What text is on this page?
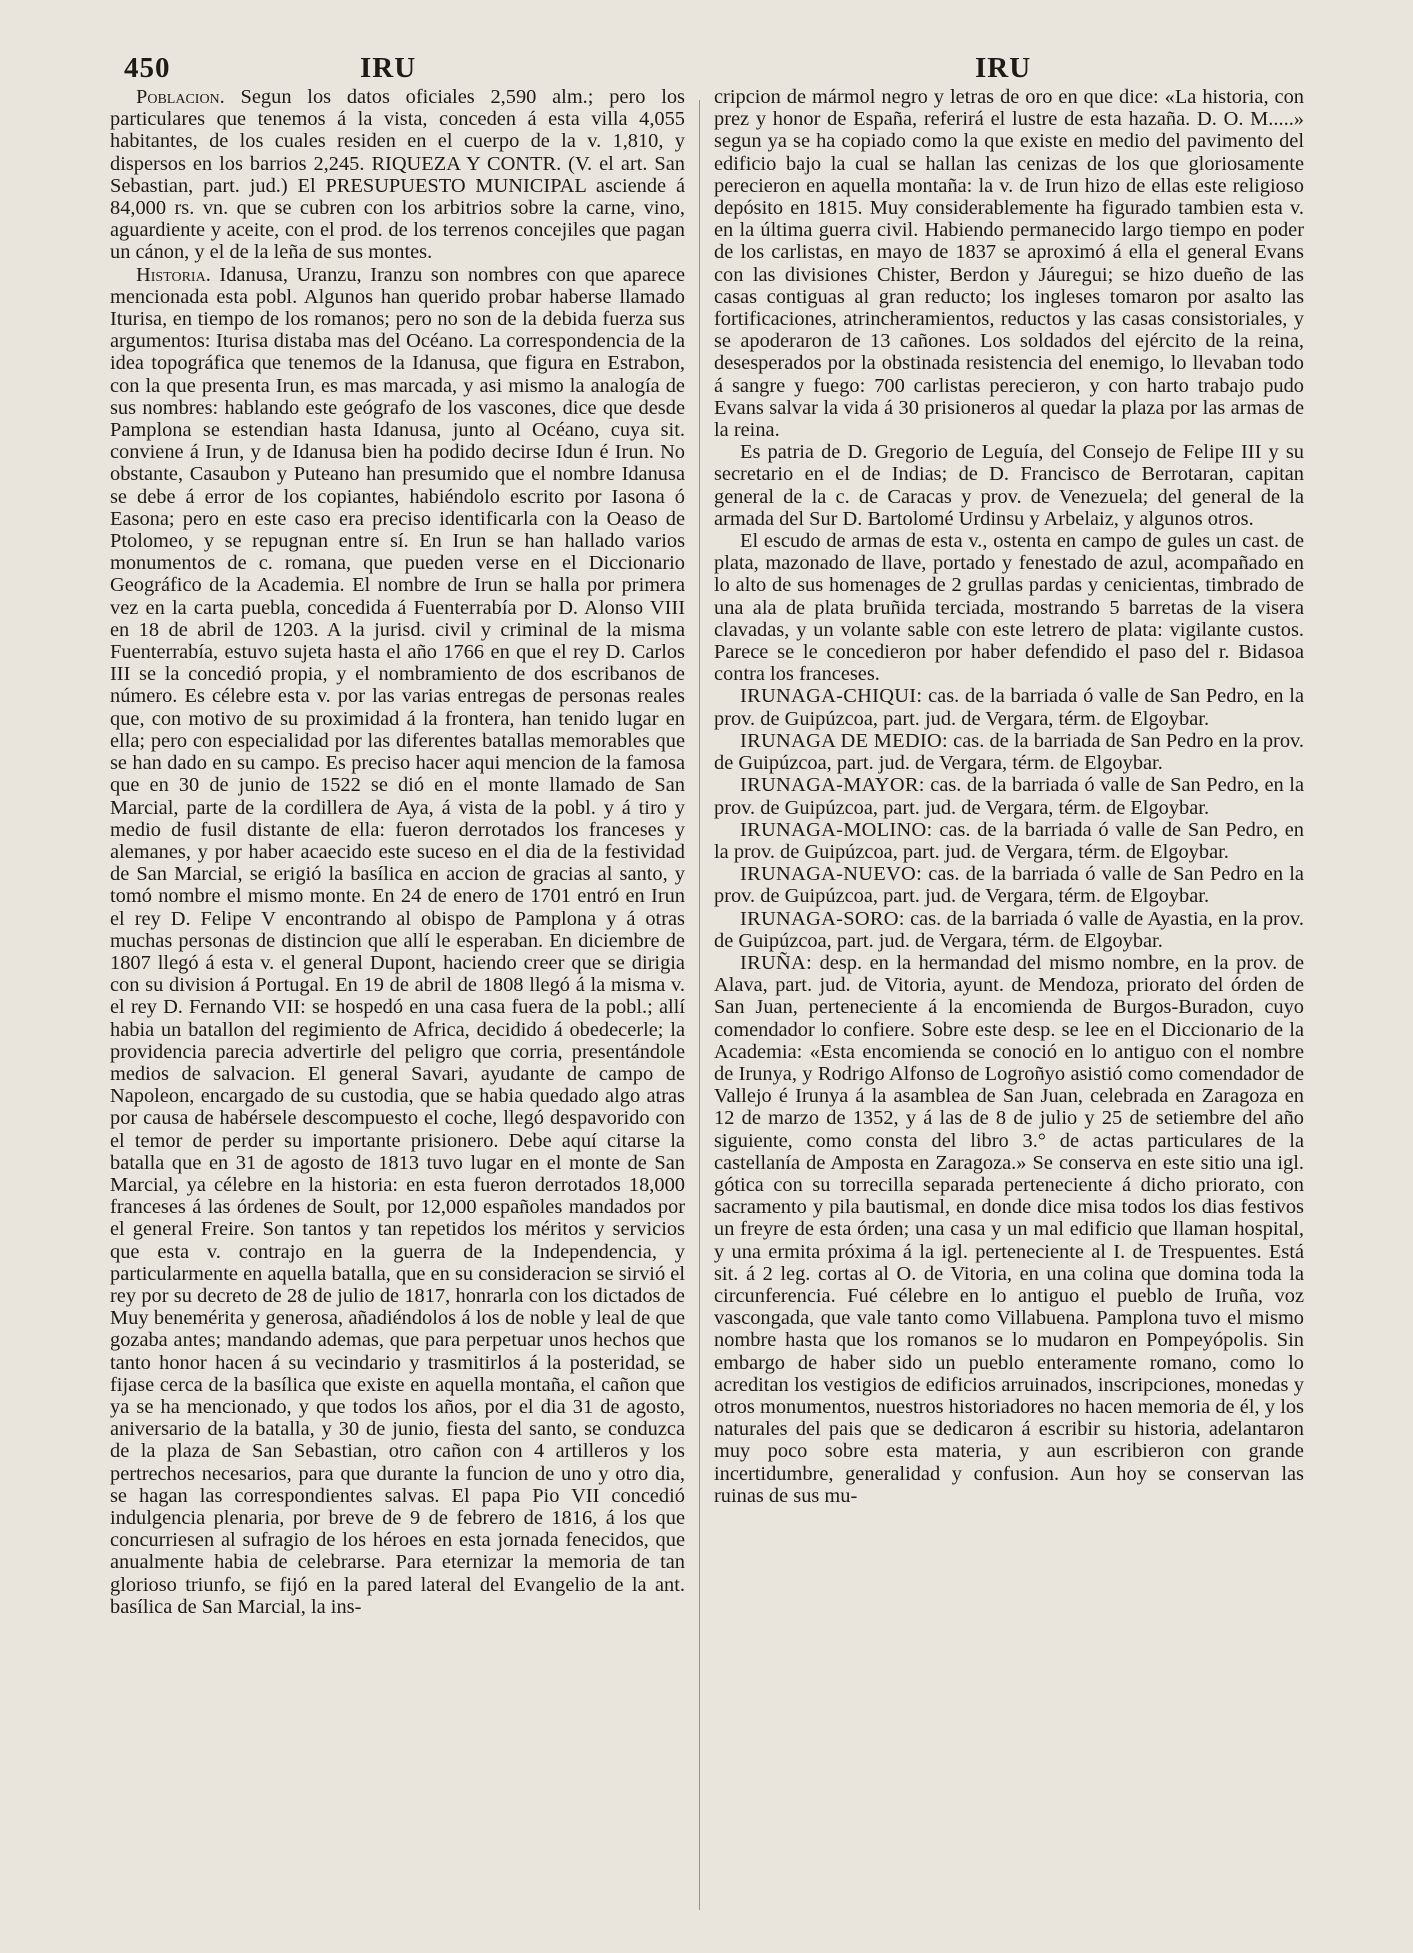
450	IRU	IRU

Poblacion. Segun los datos oficiales 2,590 alm.; pero los particulares que tenemos á la vista, conceden á esta villa 4,055 habitantes, de los cuales residen en el cuerpo de la v. 1,810, y dispersos en los barrios 2,245. RIQUEZA Y CONTR. (V. el art. San Sebastian, part. jud.) El PRESUPUESTO MUNICIPAL asciende á 84,000 rs. vn. que se cubren con los arbitrios sobre la carne, vino, aguardiente y aceite, con el prod. de los terrenos concejiles que pagan un cánon, y el de la leña de sus montes.

Historia. Idanusa, Uranzu, Iranzu son nombres con que aparece mencionada esta pobl. Algunos han querido probar haberse llamado Iturisa, en tiempo de los romanos; pero no son de la debida fuerza sus argumentos: Iturisa distaba mas del Océano. La correspondencia de la idea topográfica que tenemos de la Idanusa, que figura en Estrabon, con la que presenta Irun, es mas marcada, y asi mismo la analogía de sus nombres: hablando este geógrafo de los vascones, dice que desde Pamplona se estendian hasta Idanusa, junto al Océano, cuya sit. conviene á Irun, y de Idanusa bien ha podido decirse Idun é Irun. No obstante, Casaubon y Puteano han presumido que el nombre Idanusa se debe á error de los copiantes, habiéndolo escrito por Iasona ó Easona; pero en este caso era preciso identificarla con la Oeaso de Ptolomeo, y se repugnan entre sí. En Irun se han hallado varios monumentos de c. romana, que pueden verse en el Diccionario Geográfico de la Academia. El nombre de Irun se halla por primera vez en la carta puebla, concedida á Fuenterrabía por D. Alonso VIII en 18 de abril de 1203. A la jurisd. civil y criminal de la misma Fuenterrabía, estuvo sujeta hasta el año 1766 en que el rey D. Carlos III se la concedió propia, y el nombramiento de dos escribanos de número. Es célebre esta v. por las varias entregas de personas reales que, con motivo de su proximidad á la frontera, han tenido lugar en ella; pero con especialidad por las diferentes batallas memorables que se han dado en su campo. Es preciso hacer aqui mencion de la famosa que en 30 de junio de 1522 se dió en el monte llamado de San Marcial, parte de la cordillera de Aya, á vista de la pobl. y á tiro y medio de fusil distante de ella: fueron derrotados los franceses y alemanes, y por haber acaecido este suceso en el dia de la festividad de San Marcial, se erigió la basílica en accion de gracias al santo, y tomó nombre el mismo monte. En 24 de enero de 1701 entró en Irun el rey D. Felipe V encontrando al obispo de Pamplona y á otras muchas personas de distincion que allí le esperaban. En diciembre de 1807 llegó á esta v. el general Dupont, haciendo creer que se dirigia con su division á Portugal. En 19 de abril de 1808 llegó á la misma v. el rey D. Fernando VII: se hospedó en una casa fuera de la pobl.; allí habia un batallon del regimiento de Africa, decidido á obedecerle; la providencia parecia advertirle del peligro que corria, presentándole medios de salvacion. El general Savari, ayudante de campo de Napoleon, encargado de su custodia, que se habia quedado algo atras por causa de habérsele descompuesto el coche, llegó despavorido con el temor de perder su importante prisionero. Debe aquí citarse la batalla que en 31 de agosto de 1813 tuvo lugar en el monte de San Marcial, ya célebre en la historia: en esta fueron derrotados 18,000 franceses á las órdenes de Soult, por 12,000 españoles mandados por el general Freire. Son tantos y tan repetidos los méritos y servicios que esta v. contrajo en la guerra de la Independencia, y particularmente en aquella batalla, que en su consideracion se sirvió el rey por su decreto de 28 de julio de 1817, honrarla con los dictados de Muy benemérita y generosa, añadiéndolos á los de noble y leal de que gozaba antes; mandando ademas, que para perpetuar unos hechos que tanto honor hacen á su vecindario y trasmitirlos á la posteridad, se fijase cerca de la basílica que existe en aquella montaña, el cañon que ya se ha mencionado, y que todos los años, por el dia 31 de agosto, aniversario de la batalla, y 30 de junio, fiesta del santo, se conduzca de la plaza de San Sebastian, otro cañon con 4 artilleros y los pertrechos necesarios, para que durante la funcion de uno y otro dia, se hagan las correspondientes salvas. El papa Pio VII concedió indulgencia plenaria, por breve de 9 de febrero de 1816, á los que concurriesen al sufragio de los héroes en esta jornada fenecidos, que anualmente habia de celebrarse. Para eternizar la memoria de tan glorioso triunfo, se fijó en la pared lateral del Evangelio de la ant. basílica de San Marcial, la ins-

cripcion de mármol negro y letras de oro en que dice: «La historia, con prez y honor de España, referirá el lustre de esta hazaña. D. O. M.....» segun ya se ha copiado como la que existe en medio del pavimento del edificio bajo la cual se hallan las cenizas de los que gloriosamente perecieron en aquella montaña: la v. de Irun hizo de ellas este religioso depósito en 1815. Muy considerablemente ha figurado tambien esta v. en la última guerra civil. Habiendo permanecido largo tiempo en poder de los carlistas, en mayo de 1837 se aproximó á ella el general Evans con las divisiones Chister, Berdon y Jáuregui; se hizo dueño de las casas contiguas al gran reducto; los ingleses tomaron por asalto las fortificaciones, atrincheramientos, reductos y las casas consistoriales, y se apoderaron de 13 cañones. Los soldados del ejército de la reina, desesperados por la obstinada resistencia del enemigo, lo llevaban todo á sangre y fuego: 700 carlistas perecieron, y con harto trabajo pudo Evans salvar la vida á 30 prisioneros al quedar la plaza por las armas de la reina.

Es patria de D. Gregorio de Leguía, del Consejo de Felipe III y su secretario en el de Indias; de D. Francisco de Berrotaran, capitan general de la c. de Caracas y prov. de Venezuela; del general de la armada del Sur D. Bartolomé Urdinsu y Arbelaiz, y algunos otros.

El escudo de armas de esta v., ostenta en campo de gules un cast. de plata, mazonado de llave, portado y fenestado de azul, acompañado en lo alto de sus homenages de 2 grullas pardas y cenicientas, timbrado de una ala de plata bruñida terciada, mostrando 5 barretas de la visera clavadas, y un volante sable con este letrero de plata: vigilante custos. Parece se le concedieron por haber defendido el paso del r. Bidasoa contra los franceses.

IRUNAGA-CHIQUI: cas. de la barriada ó valle de San Pedro, en la prov. de Guipúzcoa, part. jud. de Vergara, térm. de Elgoybar.

IRUNAGA DE MEDIO: cas. de la barriada de San Pedro en la prov. de Guipúzcoa, part. jud. de Vergara, térm. de Elgoybar.

IRUNAGA-MAYOR: cas. de la barriada ó valle de San Pedro, en la prov. de Guipúzcoa, part. jud. de Vergara, térm. de Elgoybar.

IRUNAGA-MOLINO: cas. de la barriada ó valle de San Pedro, en la prov. de Guipúzcoa, part. jud. de Vergara, térm. de Elgoybar.

IRUNAGA-NUEVO: cas. de la barriada ó valle de San Pedro en la prov. de Guipúzcoa, part. jud. de Vergara, térm. de Elgoybar.

IRUNAGA-SORO: cas. de la barriada ó valle de Ayastia, en la prov. de Guipúzcoa, part. jud. de Vergara, térm. de Elgoybar.

IRUÑA: desp. en la hermandad del mismo nombre, en la prov. de Alava, part. jud. de Vitoria, ayunt. de Mendoza, priorato del órden de San Juan, perteneciente á la encomienda de Burgos-Buradon, cuyo comendador lo confiere. Sobre este desp. se lee en el Diccionario de la Academia: «Esta encomienda se conoció en lo antiguo con el nombre de Irunya, y Rodrigo Alfonso de Logroñyo asistió como comendador de Vallejo é Irunya á la asamblea de San Juan, celebrada en Zaragoza en 12 de marzo de 1352, y á las de 8 de julio y 25 de setiembre del año siguiente, como consta del libro 3.° de actas particulares de la castellanía de Amposta en Zaragoza.» Se conserva en este sitio una igl. gótica con su torrecilla separada perteneciente á dicho priorato, con sacramento y pila bautismal, en donde dice misa todos los dias festivos un freyre de esta órden; una casa y un mal edificio que llaman hospital, y una ermita próxima á la igl. perteneciente al I. de Trespuentes. Está sit. á 2 leg. cortas al O. de Vitoria, en una colina que domina toda la circunferencia. Fué célebre en lo antiguo el pueblo de Iruña, voz vascongada, que vale tanto como Villabuena. Pamplona tuvo el mismo nombre hasta que los romanos se lo mudaron en Pompeyópolis. Sin embargo de haber sido un pueblo enteramente romano, como lo acreditan los vestigios de edificios arruinados, inscripciones, monedas y otros monumentos, nuestros historiadores no hacen memoria de él, y los naturales del pais que se dedicaron á escribir su historia, adelantaron muy poco sobre esta materia, y aun escribieron con grande incertidumbre, generalidad y confusion. Aun hoy se conservan las ruinas de sus mu-
